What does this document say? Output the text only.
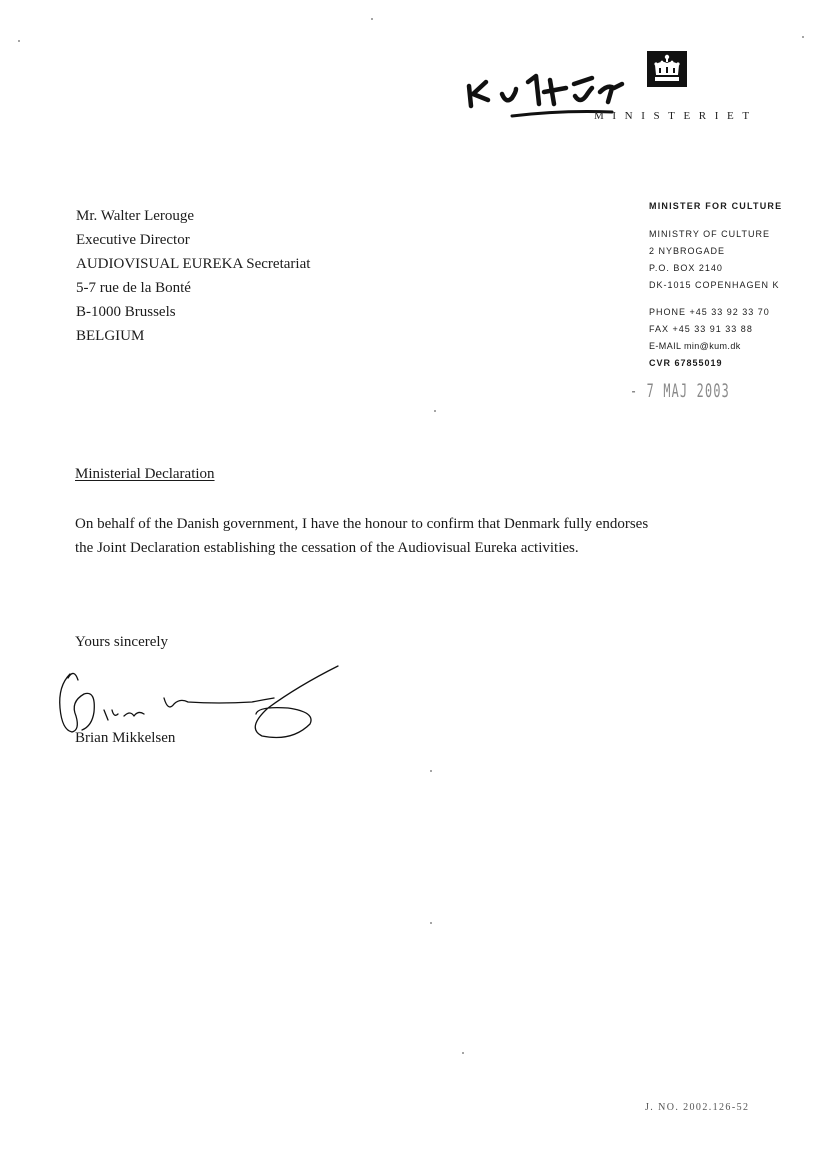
MINISTERIET
Mr. Walter Lerouge
Executive Director
AUDIOVISUAL EUREKA Secretariat
5-7 rue de la Bonté
B-1000 Brussels
BELGIUM
MINISTER FOR CULTURE
MINISTRY OF CULTURE
2 NYBROGADE
P.O. BOX 2140
DK-1015 COPENHAGEN K
PHONE +45 33 92 33 70
FAX +45 33 91 33 88
E-MAIL min@kum.dk
CVR 67855019
- 7 MAJ 2003
Ministerial Declaration
On behalf of the Danish government, I have the honour to confirm that Denmark fully endorses the Joint Declaration establishing the cessation of the Audiovisual Eureka activities.
Yours sincerely
Brian Mikkelsen
J. NO. 2002.126-52
